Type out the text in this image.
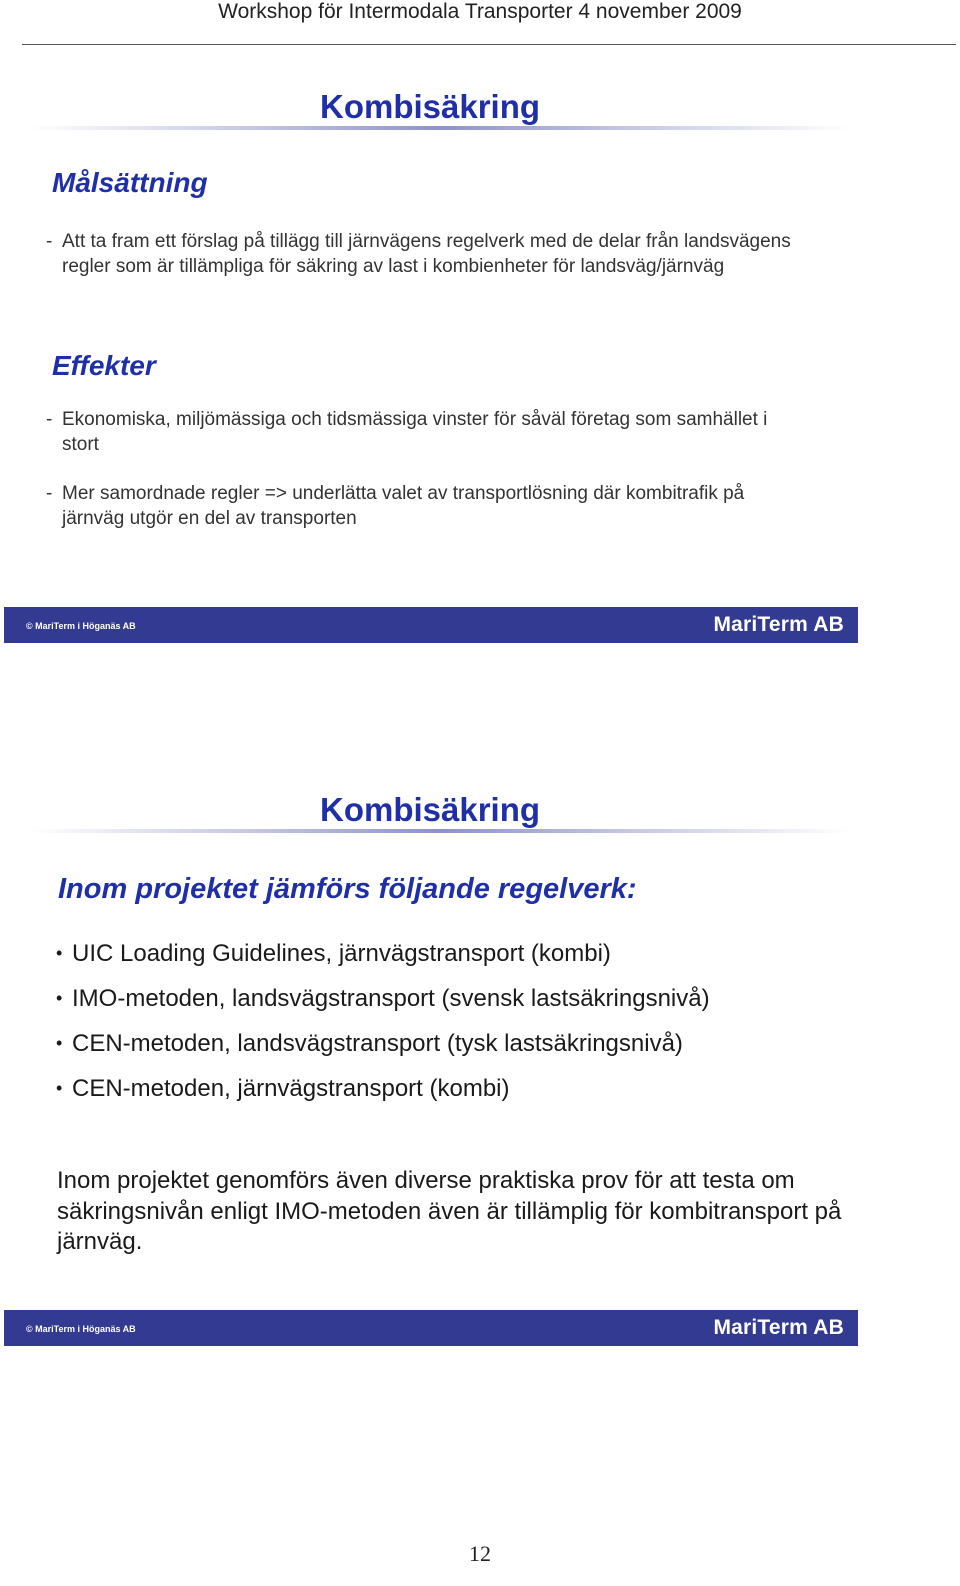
Workshop för Intermodala Transporter 4 november 2009
Kombisäkring
Målsättning
- Att ta fram ett förslag på tillägg till järnvägens regelverk med de delar från landsvägens regler som är tillämpliga för säkring av last i kombienheter för landsväg/järnväg
Effekter
- Ekonomiska, miljömässiga och tidsmässiga vinster för såväl företag som samhället i stort
- Mer samordnade regler => underlätta valet av transportlösning där kombitrafik på järnväg utgör en del av transporten
© MariTerm i Höganäs AB	MariTerm AB
Kombisäkring
Inom projektet jämförs följande regelverk:
• UIC Loading Guidelines, järnvägstransport (kombi)
• IMO-metoden, landsvägstransport (svensk lastsäkringsnivå)
• CEN-metoden, landsvägstransport (tysk lastsäkringsnivå)
• CEN-metoden, järnvägstransport (kombi)
Inom projektet genomförs även diverse praktiska prov för att testa om säkringsnivån enligt IMO-metoden även är tillämplig för kombitransport på järnväg.
© MariTerm i Höganäs AB	MariTerm AB
12
